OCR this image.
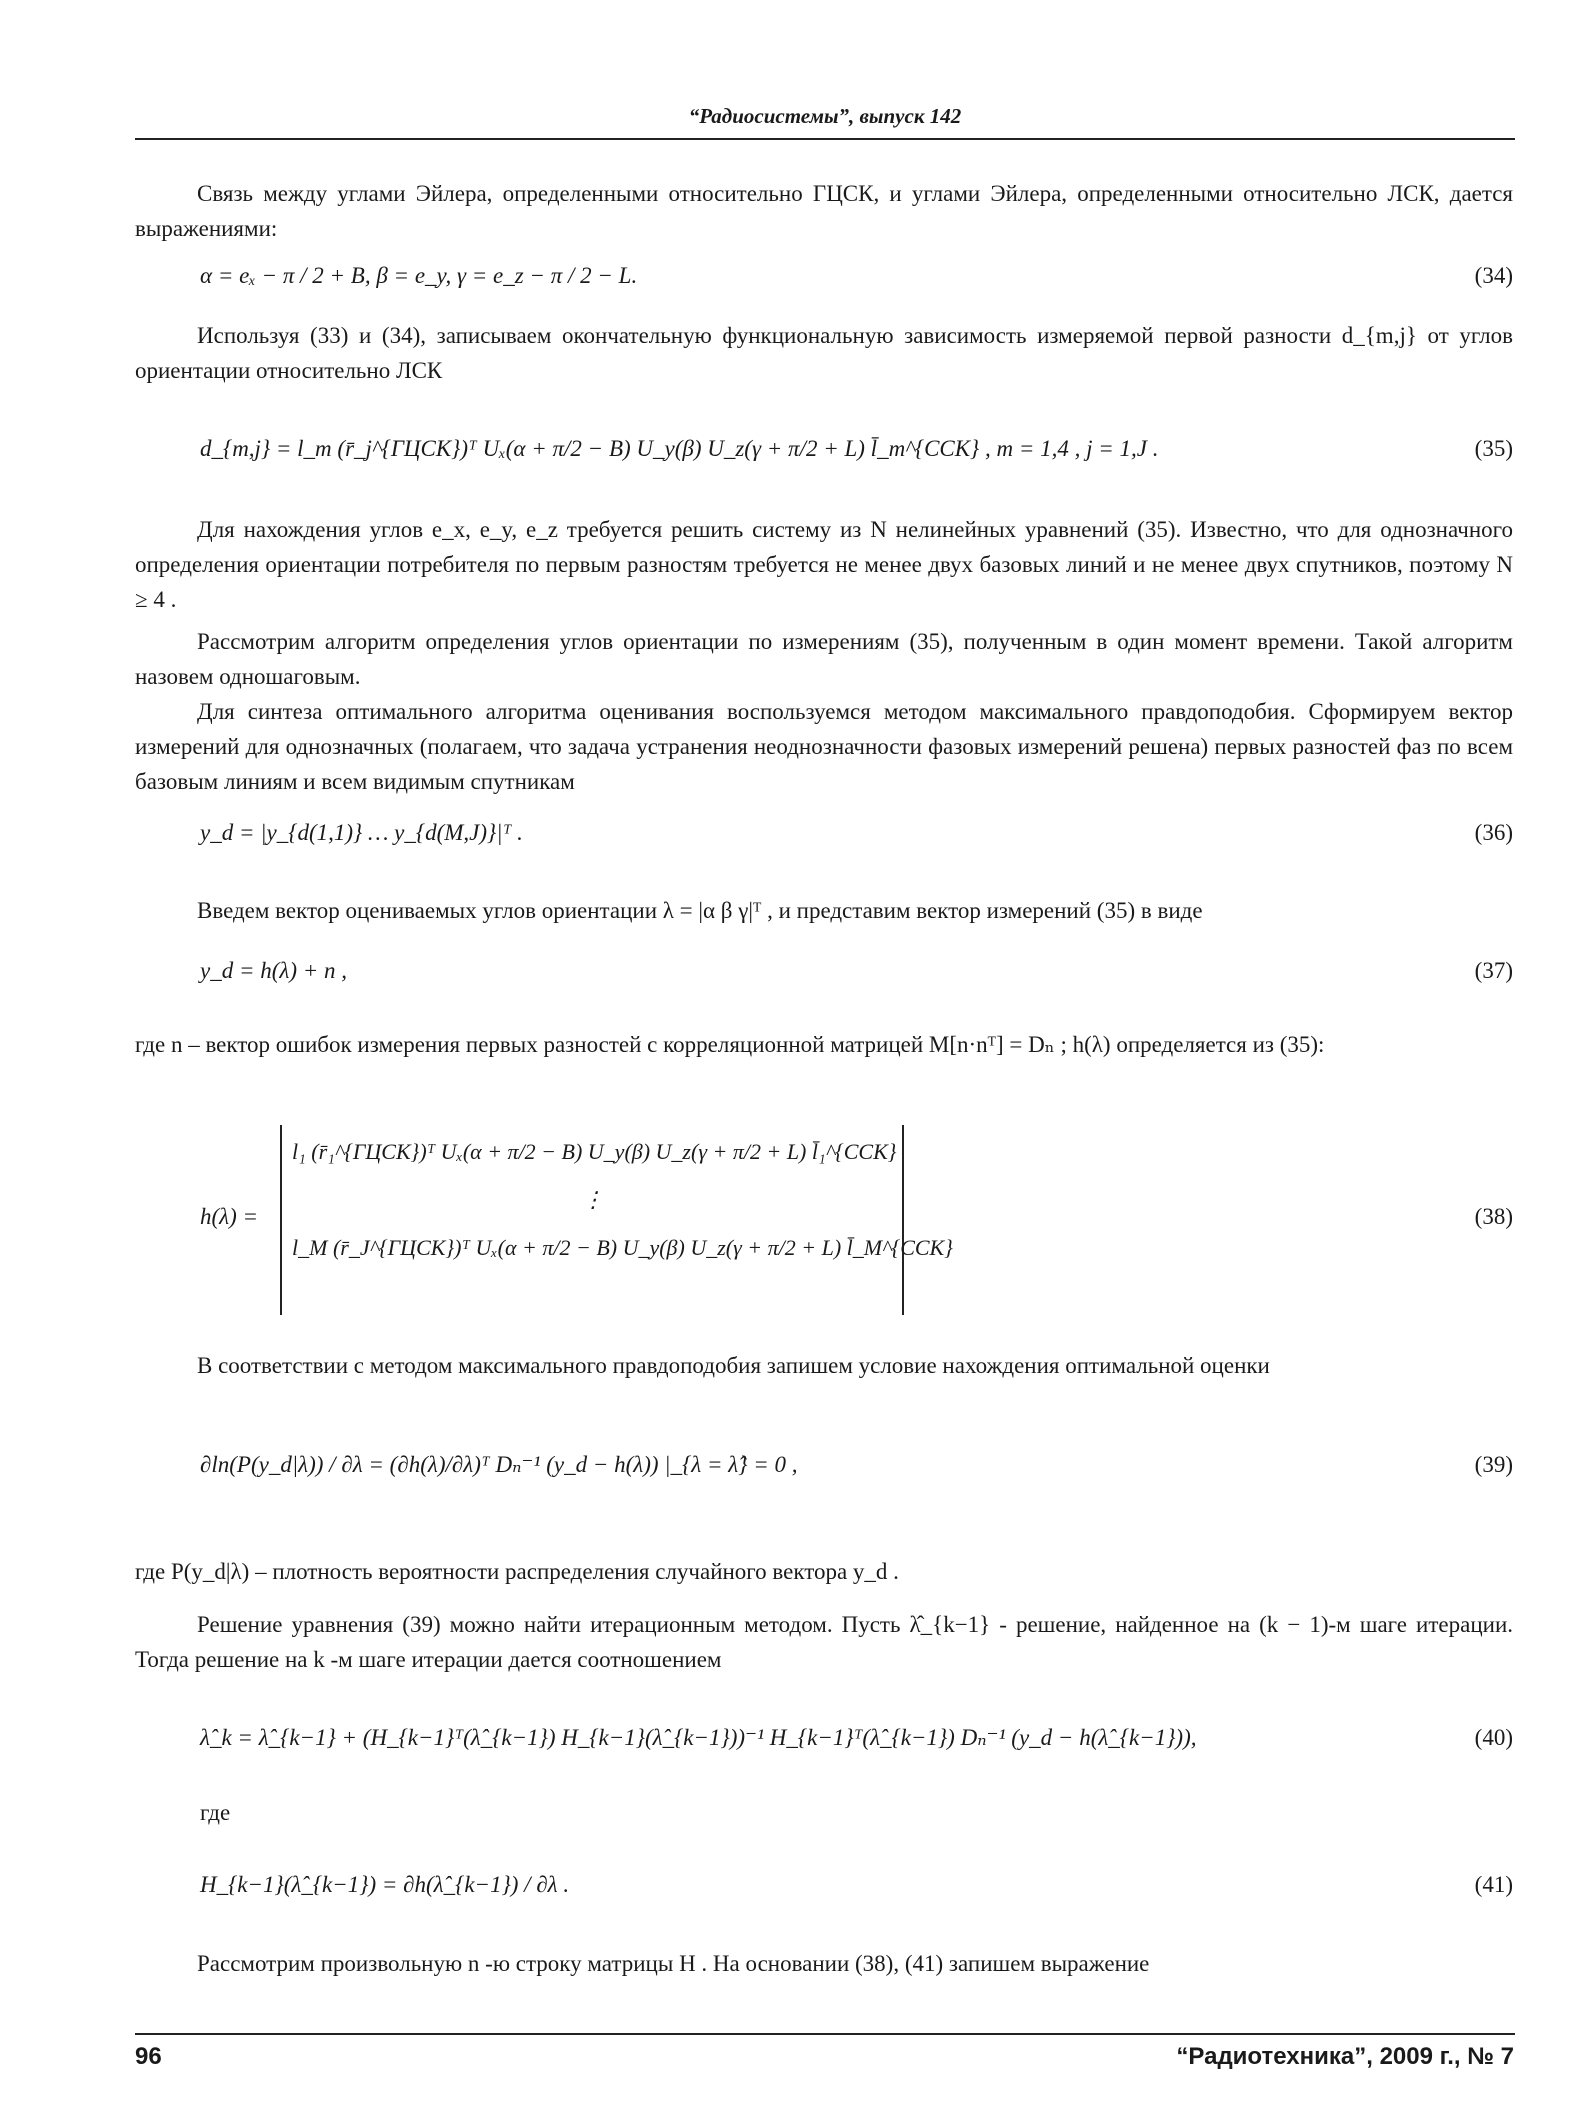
“Радиосистемы”, выпуск 142

Связь между углами Эйлера, определенными относительно ГЦСК, и углами Эйлера, определенными относительно ЛСК, дается выражениями:

α = eₓ − π / 2 + B, β = e_y, γ = e_z − π / 2 − L.	(34)

Используя (33) и (34), записываем окончательную функциональную зависимость измеряемой первой разности d_{m,j} от углов ориентации относительно ЛСК

d_{m,j} = l_m (r̄_j^{ГЦСК})ᵀ Uₓ(α + π/2 − B) U_y(β) U_z(γ + π/2 + L) l̄_m^{ССК} , m = 1,4 , j = 1,J .	(35)

Для нахождения углов e_x, e_y, e_z требуется решить систему из N нелинейных уравнений (35). Известно, что для однозначного определения ориентации потребителя по первым разностям требуется не менее двух базовых линий и не менее двух спутников, поэтому N ≥ 4 .

Рассмотрим алгоритм определения углов ориентации по измерениям (35), полученным в один момент времени. Такой алгоритм назовем одношаговым.

Для синтеза оптимального алгоритма оценивания воспользуемся методом максимального правдоподобия. Сформируем вектор измерений для однозначных (полагаем, что задача устранения неоднозначности фазовых измерений решена) первых разностей фаз по всем базовым линиям и всем видимым спутникам

y_d = |y_{d(1,1)} … y_{d(M,J)}|ᵀ .	(36)

Введем вектор оцениваемых углов ориентации λ = |α β γ|ᵀ , и представим вектор измерений (35) в виде

y_d = h(λ) + n ,	(37)

где n – вектор ошибок измерения первых разностей с корреляционной матрицей M[n·nᵀ] = Dₙ ; h(λ) определяется из (35):

h(λ) =	(38)
l₁ (r̄₁^{ГЦСК})ᵀ Uₓ(α + π/2 − B) U_y(β) U_z(γ + π/2 + L) l̄₁^{ССК}
⋮
l_M (r̄_J^{ГЦСК})ᵀ Uₓ(α + π/2 − B) U_y(β) U_z(γ + π/2 + L) l̄_M^{ССК}

В соответствии с методом максимального правдоподобия запишем условие нахождения оптимальной оценки

∂ln(P(y_d|λ)) / ∂λ = (∂h(λ)/∂λ)ᵀ Dₙ⁻¹ (y_d − h(λ)) |_{λ = λ̂} = 0 ,	(39)

где P(y_d|λ) – плотность вероятности распределения случайного вектора y_d .

Решение уравнения (39) можно найти итерационным методом. Пусть λ̂_{k−1} - решение, найденное на (k − 1)-м шаге итерации. Тогда решение на k -м шаге итерации дается соотношением

λ̂_k = λ̂_{k−1} + (H_{k−1}ᵀ(λ̂_{k−1}) H_{k−1}(λ̂_{k−1}))⁻¹ H_{k−1}ᵀ(λ̂_{k−1}) Dₙ⁻¹ (y_d − h(λ̂_{k−1})),	(40)

где

H_{k−1}(λ̂_{k−1}) = ∂h(λ̂_{k−1}) / ∂λ .	(41)

Рассмотрим произвольную n -ю строку матрицы H . На основании (38), (41) запишем выражение

96	“Радиотехника”, 2009 г., № 7
